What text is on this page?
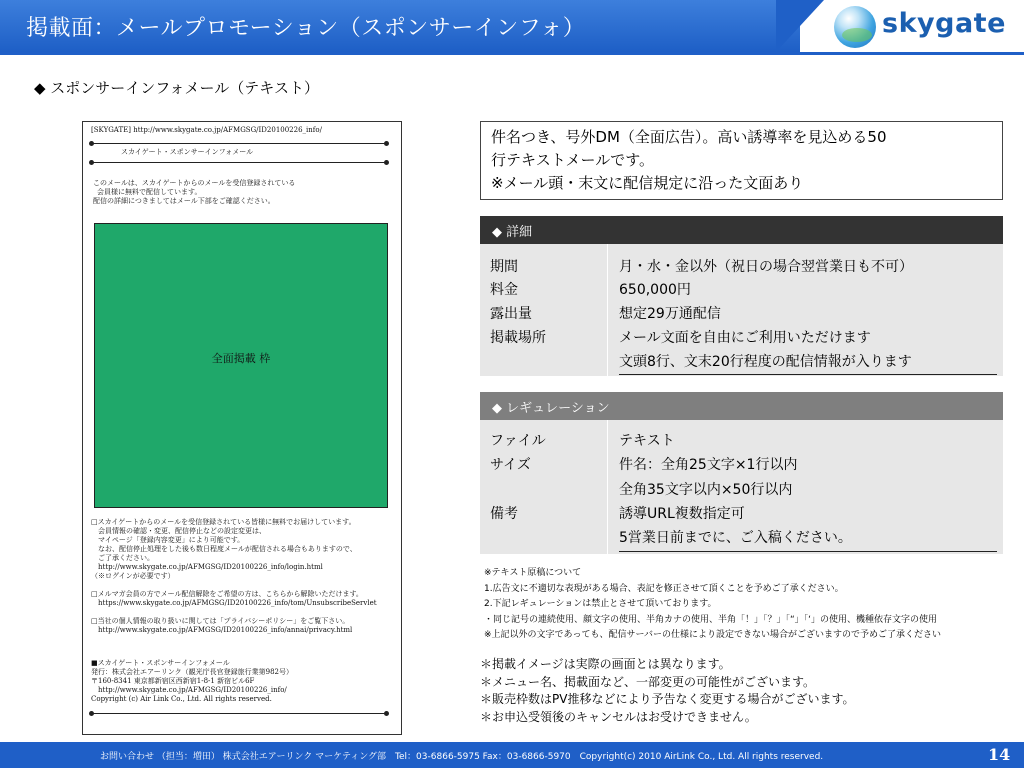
掲載面：メールプロモーション（スポンサーインフォ）	skygate
◆ スポンサーインフォメール（テキスト）
[SKYGATE] http://www.skygate.co.jp/AFMGSG/ID20100226_info/
スカイゲート・スポンサーインフォメール
このメールは、スカイゲートからのメールを受信登録されている
会員様に無料で配信しています。
配信の詳細につきましてはメール下部をご確認ください。
全面掲載 枠
□スカイゲートからのメールを受信登録されている皆様に無料でお届けしています。
　会員情報の確認・変更、配信停止などの設定変更は、
　マイページ「登録内容変更」により可能です。
　なお、配信停止処理をした後も数日程度メールが配信される場合もありますので、
　ご了承ください。
　http://www.skygate.co.jp/AFMGSG/ID20100226_info/login.html
（※ログインが必要です）
□メルマガ会員の方でメール配信解除をご希望の方は、こちらから解除いただけます。
　https://www.skygate.co.jp/AFMGSG/ID20100226_info/tom/UnsubscribeServlet
□当社の個人情報の取り扱いに関しては「プライバシーポリシー」をご覧下さい。
　http://www.skygate.co.jp/AFMGSG/ID20100226_info/annai/privacy.html
■スカイゲート・スポンサーインフォメール
発行：株式会社エアーリンク（観光庁長官登録旅行業第982号）
〒160-8341 東京都新宿区西新宿1-8-1 新宿ビル6F
　http://www.skygate.co.jp/AFMGSG/ID20100226_info/
Copyright (c) Air Link Co., Ltd. All rights reserved.
件名つき、号外DM（全面広告）。高い誘導率を見込める50
行テキストメールです。
※メール頭・末文に配信規定に沿った文面あり
◆ 詳細
期間	月・水・金以外（祝日の場合翌営業日も不可）
料金	650,000円
露出量	想定29万通配信
掲載場所	メール文面を自由にご利用いただけます
文頭8行、文末20行程度の配信情報が入ります
◆ レギュレーション
ファイル	テキスト
サイズ	件名：全角25文字×1行以内
全角35文字以内×50行以内
備考	誘導URL複数指定可
5営業日前までに、ご入稿ください。
※テキスト原稿について
1.広告文に不適切な表現がある場合、表記を修正させて頂くことを予めご了承ください。
2.下記レギュレーションは禁止とさせて頂いております。
・同じ記号の連続使用、顔文字の使用、半角カナの使用、半角「！」「？」「“」「‘」の使用、機種依存文字の使用
※上記以外の文字であっても、配信サーバーの仕様により設定できない場合がございますので予めご了承ください
＊掲載イメージは実際の画面とは異なります。
＊メニュー名、掲載面など、一部変更の可能性がございます。
＊販売枠数はPV推移などにより予告なく変更する場合がございます。
＊お申込受領後のキャンセルはお受けできません。
お問い合わせ （担当：増田） 株式会社エアーリンク マーケティング部　Tel：03-6866-5975 Fax：03-6866-5970　Copyright(c) 2010 AirLink Co., Ltd. All rights reserved.	14
